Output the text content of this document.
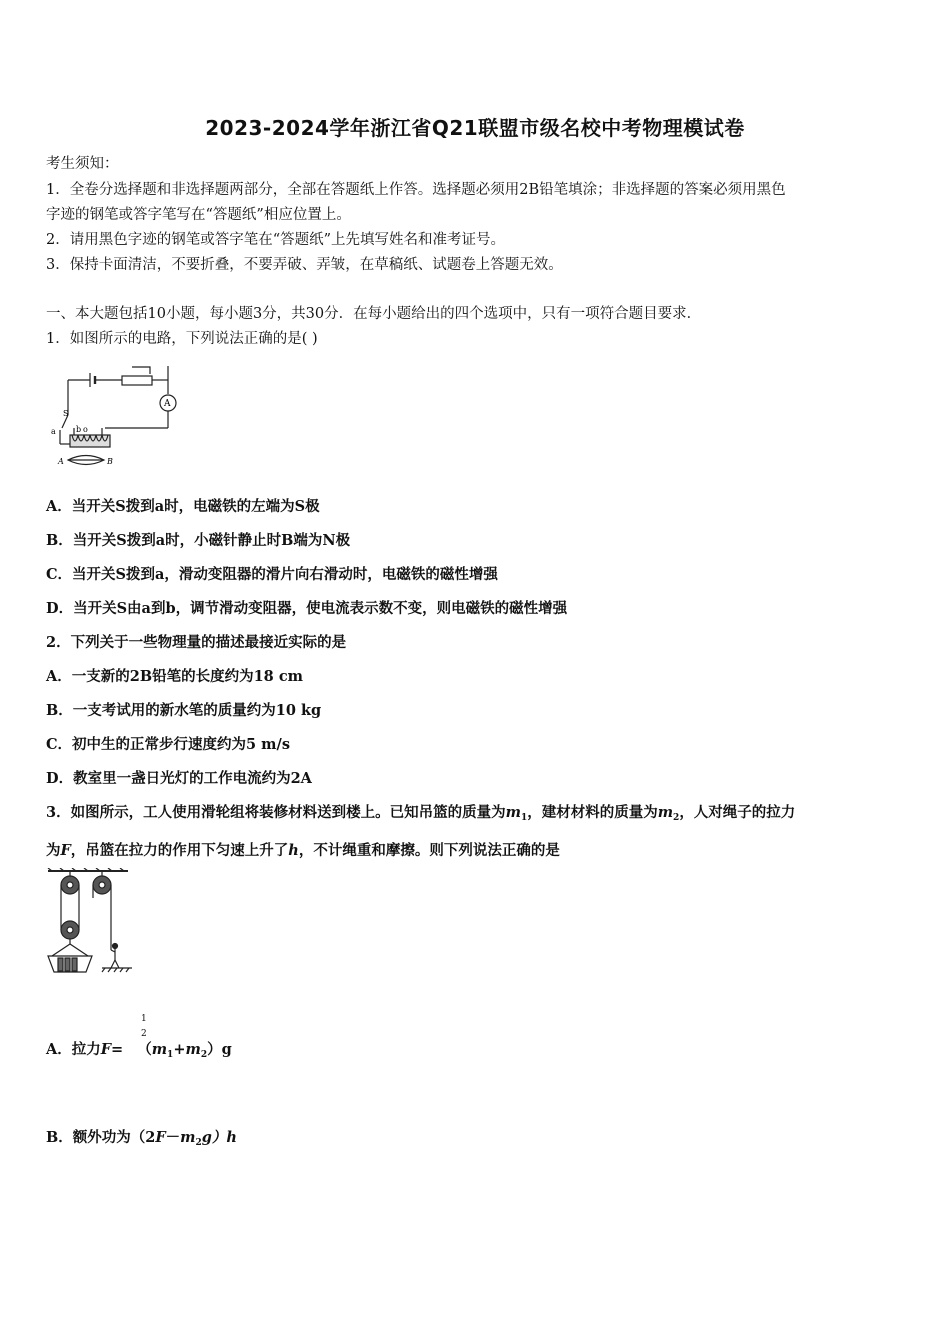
2023-2024学年浙江省Q21联盟市级名校中考物理模试卷
考生须知：
1．全卷分选择题和非选择题两部分，全部在答题纸上作答。选择题必须用2B铅笔填涂；非选择题的答案必须用黑色
字迹的钢笔或答字笔写在“答题纸”相应位置上。
2．请用黑色字迹的钢笔或答字笔在“答题纸”上先填写姓名和准考证号。
3．保持卡面清洁，不要折叠，不要弄破、弄皱，在草稿纸、试题卷上答题无效。
一、本大题包括10小题，每小题3分，共30分．在每小题给出的四个选项中，只有一项符合题目要求．
1．如图所示的电路，下列说法正确的是( )
S
a	b o
A
A	B
A．当开关S拨到a时，电磁铁的左端为S极
B．当开关S拨到a时，小磁针静止时B端为N极
C．当开关S拨到a，滑动变阻器的滑片向右滑动时，电磁铁的磁性增强
D．当开关S由a到b，调节滑动变阻器，使电流表示数不变，则电磁铁的磁性增强
2．下列关于一些物理量的描述最接近实际的是
A．一支新的2B铅笔的长度约为18 cm
B．一支考试用的新水笔的质量约为10 kg
C．初中生的正常步行速度约为5 m/s
D．教室里一盏日光灯的工作电流约为2A
3．如图所示，工人使用滑轮组将装修材料送到楼上。已知吊篮的质量为$m_1$，建材材料的质量为$m_2$，人对绳子的拉力
为F，吊篮在拉力的作用下匀速上升了h，不计绳重和摩擦。则下列说法正确的是
1
2
A．拉力$F= (m_1+m_2)g$
B．额外功为$(2F-m_2g)h$
